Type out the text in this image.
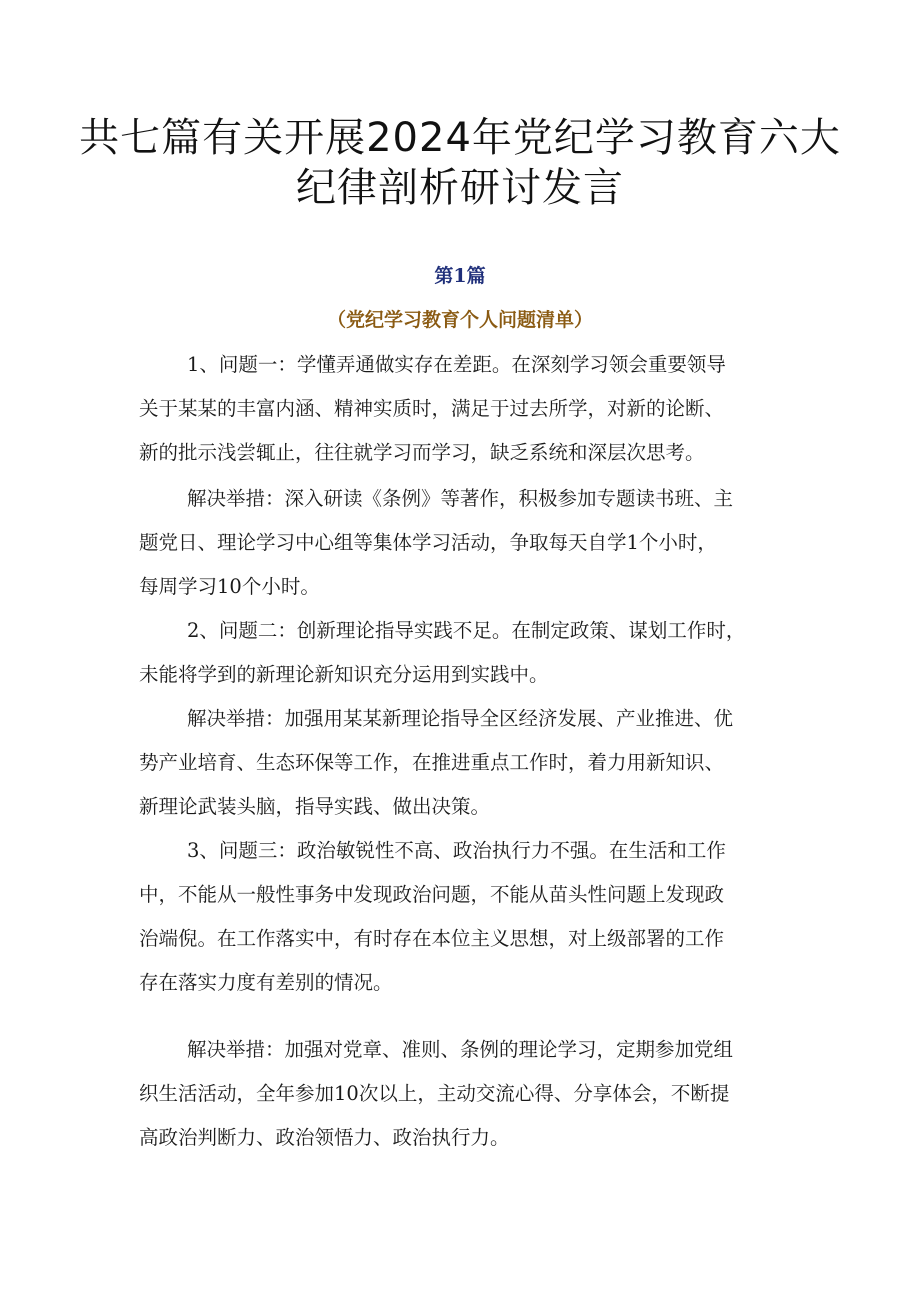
共七篇有关开展2024年党纪学习教育六大
纪律剖析研讨发言
第1篇
（党纪学习教育个人问题清单）
1、问题一：学懂弄通做实存在差距。在深刻学习领会重要领导
关于某某的丰富内涵、精神实质时，满足于过去所学，对新的论断、
新的批示浅尝辄止，往往就学习而学习，缺乏系统和深层次思考。
解决举措：深入研读《条例》等著作，积极参加专题读书班、主
题党日、理论学习中心组等集体学习活动，争取每天自学1个小时，
每周学习10个小时。
2、问题二：创新理论指导实践不足。在制定政策、谋划工作时，
未能将学到的新理论新知识充分运用到实践中。
解决举措：加强用某某新理论指导全区经济发展、产业推进、优
势产业培育、生态环保等工作，在推进重点工作时，着力用新知识、
新理论武装头脑，指导实践、做出决策。
3、问题三：政治敏锐性不高、政治执行力不强。在生活和工作
中，不能从一般性事务中发现政治问题，不能从苗头性问题上发现政
治端倪。在工作落实中，有时存在本位主义思想，对上级部署的工作
存在落实力度有差别的情况。
解决举措：加强对党章、准则、条例的理论学习，定期参加党组
织生活活动，全年参加10次以上，主动交流心得、分享体会，不断提
高政治判断力、政治领悟力、政治执行力。
